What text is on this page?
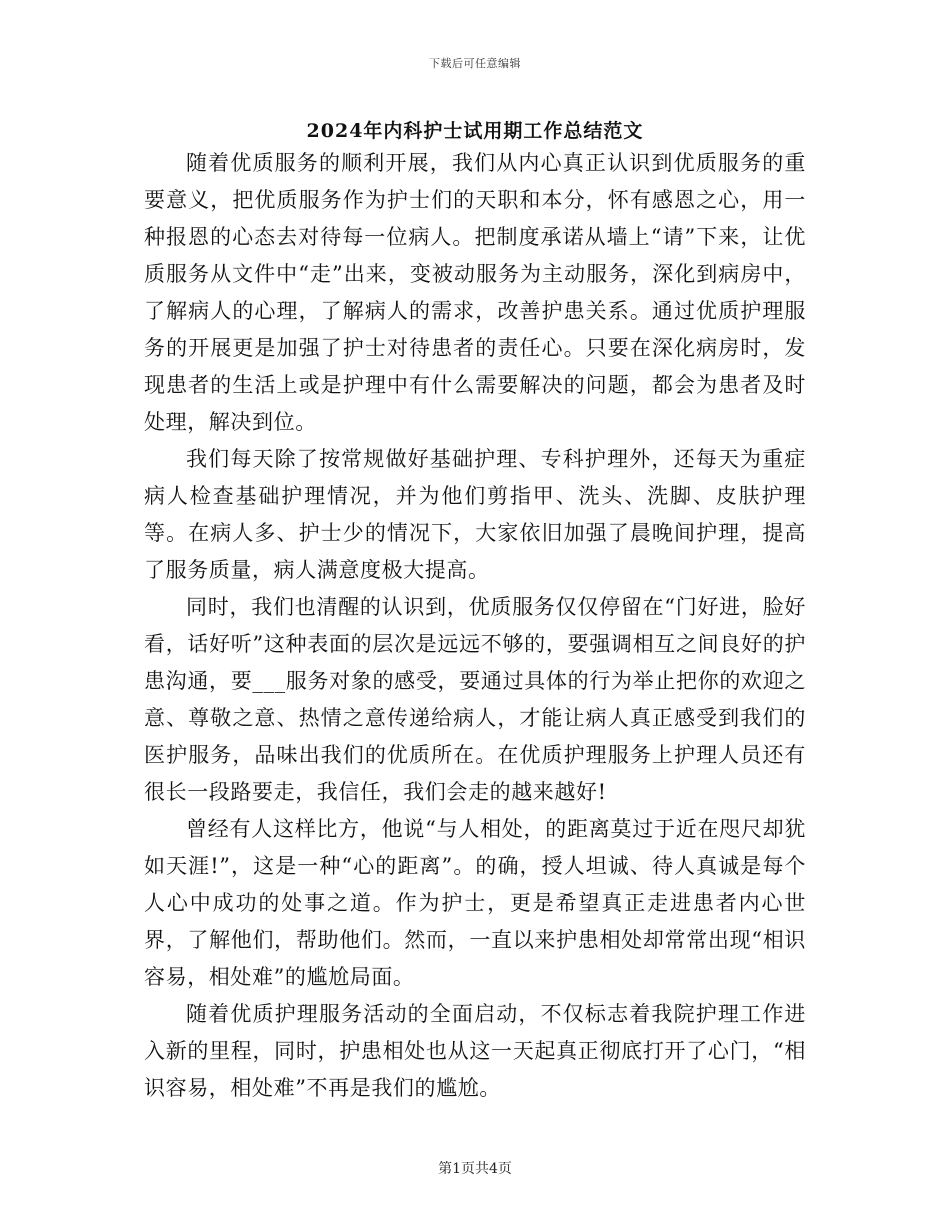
下载后可任意编辑
2024年内科护士试用期工作总结范文

随着优质服务的顺利开展，我们从内心真正认识到优质服务的重要意义，把优质服务作为护士们的天职和本分，怀有感恩之心，用一种报恩的心态去对待每一位病人。把制度承诺从墙上“请”下来，让优质服务从文件中“走”出来，变被动服务为主动服务，深化到病房中，了解病人的心理，了解病人的需求，改善护患关系。通过优质护理服务的开展更是加强了护士对待患者的责任心。只要在深化病房时，发现患者的生活上或是护理中有什么需要解决的问题，都会为患者及时处理，解决到位。

我们每天除了按常规做好基础护理、专科护理外，还每天为重症病人检查基础护理情况，并为他们剪指甲、洗头、洗脚、皮肤护理等。在病人多、护士少的情况下，大家依旧加强了晨晚间护理，提高了服务质量，病人满意度极大提高。

同时，我们也清醒的认识到，优质服务仅仅停留在“门好进，脸好看，话好听”这种表面的层次是远远不够的，要强调相互之间良好的护患沟通，要___服务对象的感受，要通过具体的行为举止把你的欢迎之意、尊敬之意、热情之意传递给病人，才能让病人真正感受到我们的医护服务，品味出我们的优质所在。在优质护理服务上护理人员还有很长一段路要走，我信任，我们会走的越来越好!

曾经有人这样比方，他说“与人相处，的距离莫过于近在咫尺却犹如天涯!”，这是一种“心的距离”。的确，授人坦诚、待人真诚是每个人心中成功的处事之道。作为护士，更是希望真正走进患者内心世界，了解他们，帮助他们。然而，一直以来护患相处却常常出现“相识容易，相处难”的尴尬局面。

随着优质护理服务活动的全面启动，不仅标志着我院护理工作进入新的里程，同时，护患相处也从这一天起真正彻底打开了心门，“相识容易，相处难”不再是我们的尴尬。

第1页共4页
